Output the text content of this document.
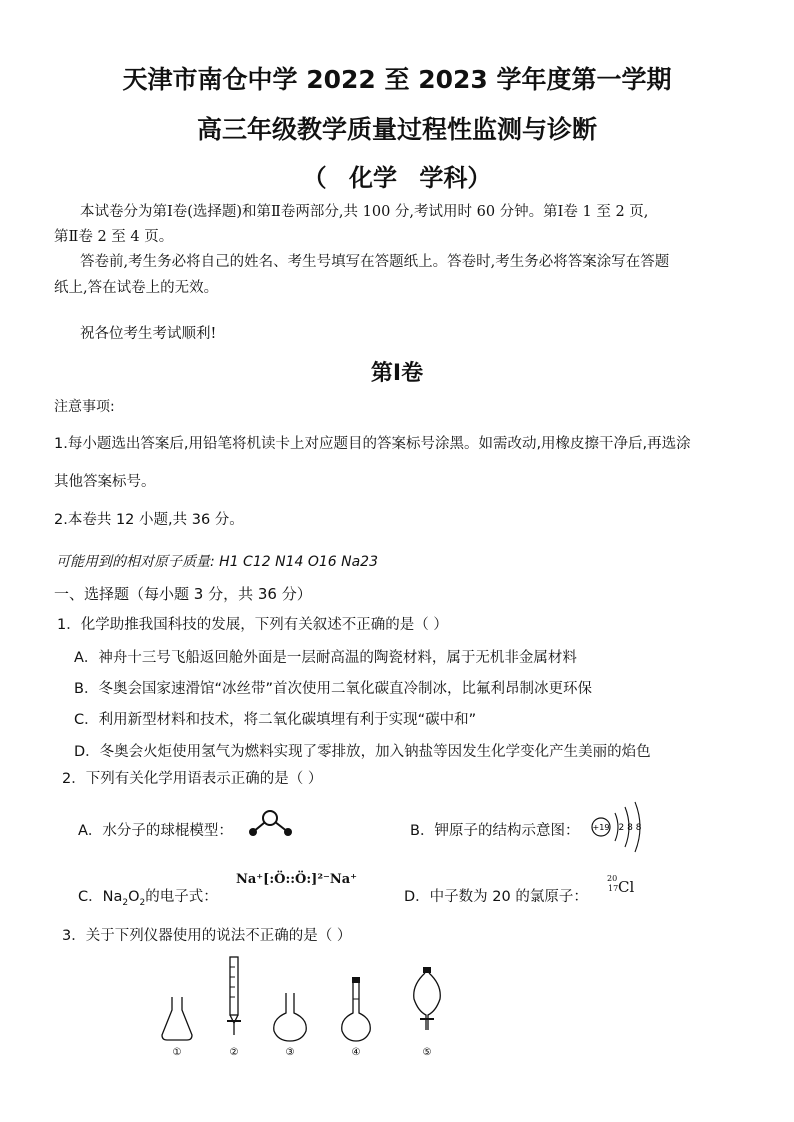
天津市南仓中学 2022 至 2023 学年度第一学期
高三年级教学质量过程性监测与诊断
（ 化学 学科）
本试卷分为第Ⅰ卷(选择题)和第Ⅱ卷两部分,共 100 分,考试用时 60 分钟。第Ⅰ卷 1 至 2 页,
第Ⅱ卷 2 至 4 页。
答卷前,考生务必将自己的姓名、考生号填写在答题纸上。答卷时,考生务必将答案涂写在答题
纸上,答在试卷上的无效。
祝各位考生考试顺利!
第Ⅰ卷
注意事项:
1.每小题选出答案后,用铅笔将机读卡上对应题目的答案标号涂黑。如需改动,用橡皮擦干净后,再选涂
其他答案标号。
2.本卷共 12 小题,共 36 分。
可能用到的相对原子质量: H1 C12 N14 O16 Na23
一、选择题（每小题 3 分，共 36 分）
1．化学助推我国科技的发展，下列有关叙述不正确的是（ ）
A．神舟十三号飞船返回舱外面是一层耐高温的陶瓷材料，属于无机非金属材料
B．冬奥会国家速滑馆“冰丝带”首次使用二氧化碳直冷制冰，比氟利昂制冰更环保
C．利用新型材料和技术，将二氧化碳填埋有利于实现“碳中和”
D．冬奥会火炬使用氢气为燃料实现了零排放，加入钠盐等因发生化学变化产生美丽的焰色
2．下列有关化学用语表示正确的是（ ）
A．水分子的球棍模型：	B．钾原子的结构示意图： +19 2 8 8
C．$Na_2O_2$的电子式：
Na⁺[:Ö::Ö:]²⁻Na⁺
D．中子数为 20 的氯原子：
20
17 Cl
3．关于下列仪器使用的说法不正确的是（ ）
①	②	③	④	⑤
